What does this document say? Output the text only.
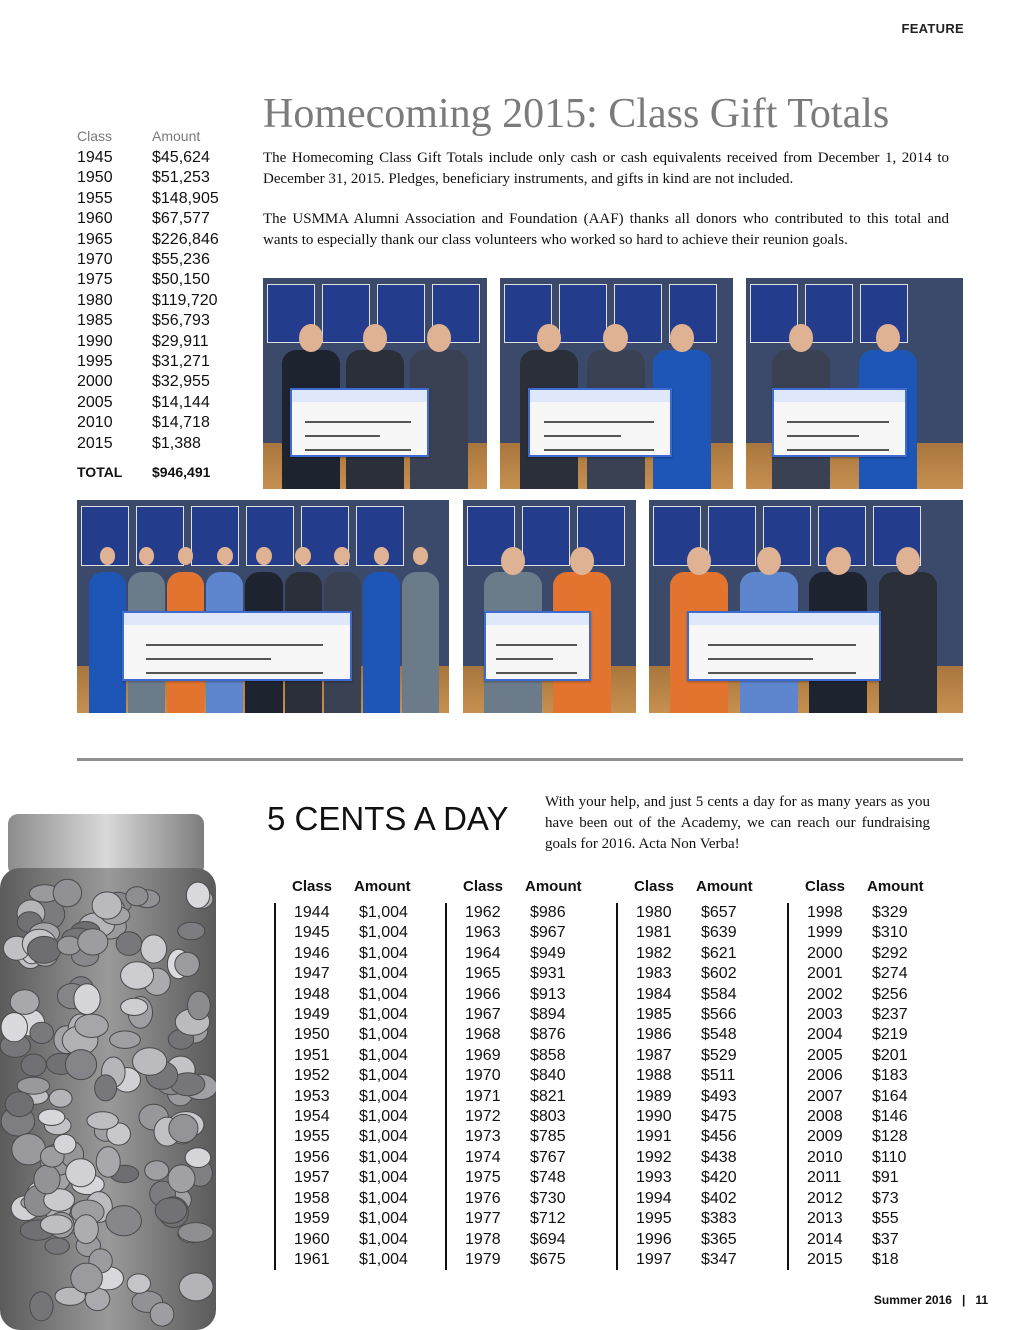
FEATURE
Class	Amount
1945	$45,624
1950	$51,253
1955	$148,905
1960	$67,577
1965	$226,846
1970	$55,236
1975	$50,150
1980	$119,720
1985	$56,793
1990	$29,911
1995	$31,271
2000	$32,955
2005	$14,144
2010	$14,718
2015	$1,388
TOTAL	$946,491
Homecoming 2015: Class Gift Totals

The Homecoming Class Gift Totals include only cash or cash equivalents received from December 1, 2014 to December 31, 2015. Pledges, beneficiary instruments, and gifts in kind are not included.

The USMMA Alumni Association and Foundation (AAF) thanks all donors who contributed to this total and wants to especially thank our class volunteers who worked so hard to achieve their reunion goals.

5 CENTS A DAY With your help, and just 5 cents a day for as many years as you have been out of the Academy, we can reach our fundraising goals for 2016. Acta Non Verba!

Class	Amount
1944	$1,004
1945	$1,004
1946	$1,004
1947	$1,004
1948	$1,004
1949	$1,004
1950	$1,004
1951	$1,004
1952	$1,004
1953	$1,004
1954	$1,004
1955	$1,004
1956	$1,004
1957	$1,004
1958	$1,004
1959	$1,004
1960	$1,004
1961	$1,004
Class	Amount
1962	$986
1963	$967
1964	$949
1965	$931
1966	$913
1967	$894
1968	$876
1969	$858
1970	$840
1971	$821
1972	$803
1973	$785
1974	$767
1975	$748
1976	$730
1977	$712
1978	$694
1979	$675
Class	Amount
1980	$657
1981	$639
1982	$621
1983	$602
1984	$584
1985	$566
1986	$548
1987	$529
1988	$511
1989	$493
1990	$475
1991	$456
1992	$438
1993	$420
1994	$402
1995	$383
1996	$365
1997	$347
Class	Amount
1998	$329
1999	$310
2000	$292
2001	$274
2002	$256
2003	$237
2004	$219
2005	$201
2006	$183
2007	$164
2008	$146
2009	$128
2010	$110
2011	$91
2012	$73
2013	$55
2014	$37
2015	$18
Summer 2016 | 11
